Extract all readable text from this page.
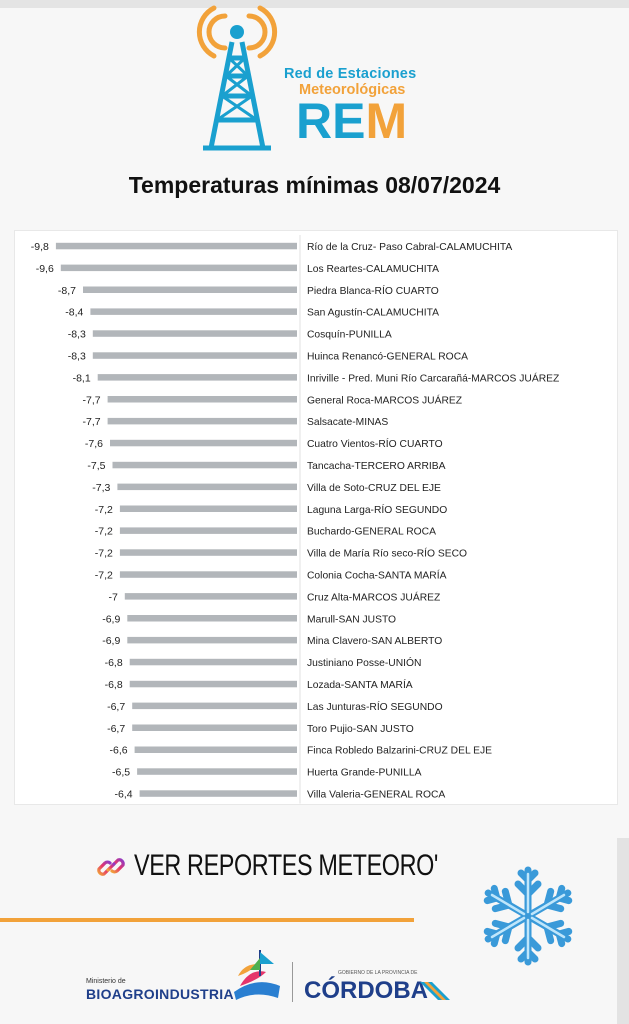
Red de Estaciones
Meteorológicas
REM
Temperaturas mínimas 08/07/2024
-9,8	Río de la Cruz- Paso Cabral-CALAMUCHITA
-9,6	Los Reartes-CALAMUCHITA
-8,7	Piedra Blanca-RÍO CUARTO
-8,4	San Agustín-CALAMUCHITA
-8,3	Cosquín-PUNILLA
-8,3	Huinca Renancó-GENERAL ROCA
-8,1	Inriville - Pred. Muni Río Carcarañá-MARCOS JUÁREZ
-7,7	General Roca-MARCOS JUÁREZ
-7,7	Salsacate-MINAS
-7,6	Cuatro Vientos-RÍO CUARTO
-7,5	Tancacha-TERCERO ARRIBA
-7,3	Villa de Soto-CRUZ DEL EJE
-7,2	Laguna Larga-RÍO SEGUNDO
-7,2	Buchardo-GENERAL ROCA
-7,2	Villa de María Río seco-RÍO SECO
-7,2	Colonia Cocha-SANTA MARÍA
-7	Cruz Alta-MARCOS JUÁREZ
-6,9	Marull-SAN JUSTO
-6,9	Mina Clavero-SAN ALBERTO
-6,8	Justiniano Posse-UNIÓN
-6,8	Lozada-SANTA MARÍA
-6,7	Las Junturas-RÍO SEGUNDO
-6,7	Toro Pujio-SAN JUSTO
-6,6	Finca Robledo Balzarini-CRUZ DEL EJE
-6,5	Huerta Grande-PUNILLA
-6,4	Villa Valeria-GENERAL ROCA
VER REPORTES METEORO'
Ministerio de
BIOAGROINDUSTRIA
GOBIERNO DE LA PROVINCIA DE
CÓRDOBA
